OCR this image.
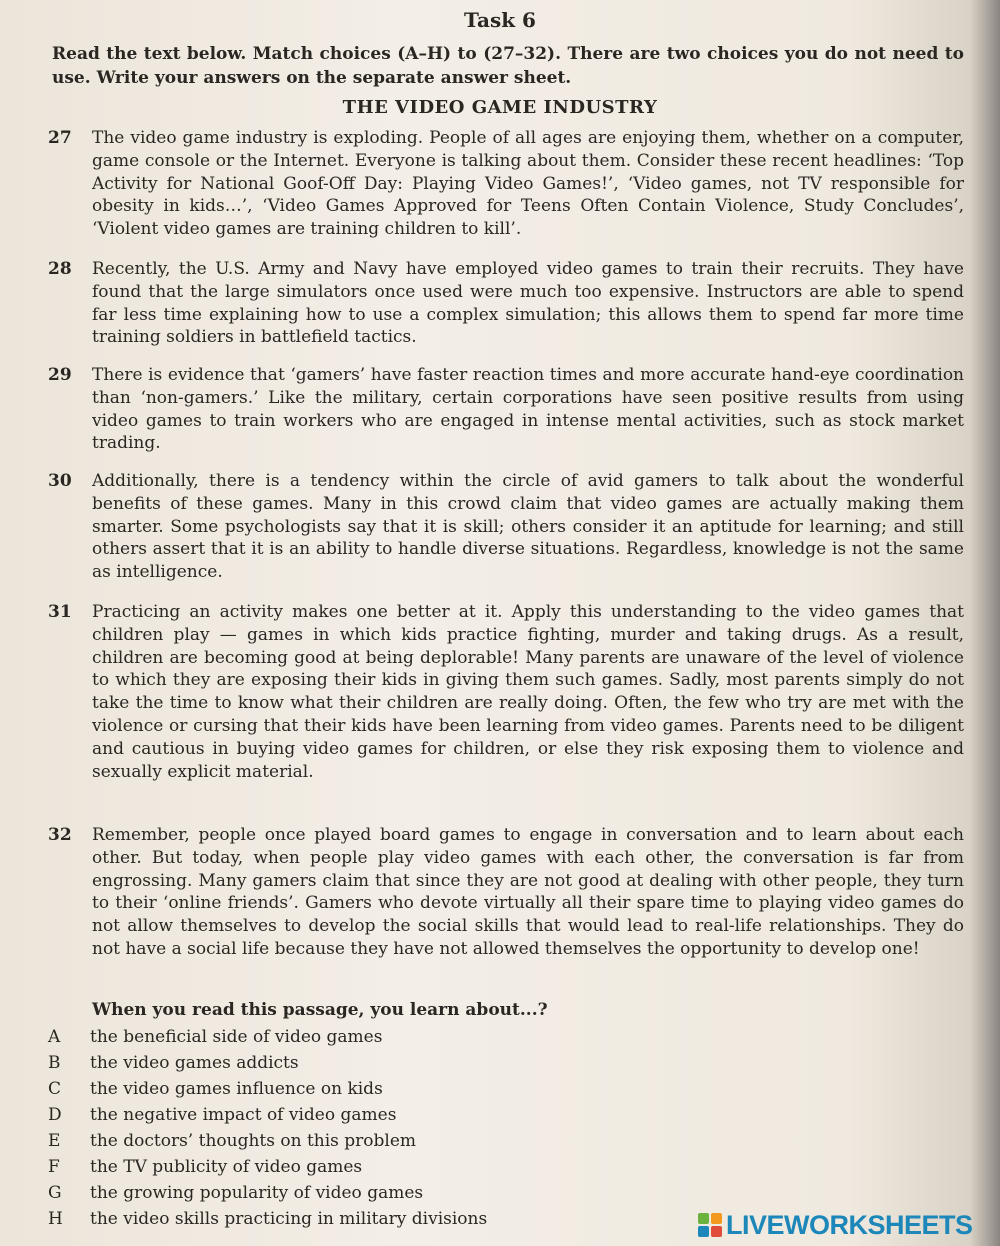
Task 6
Read the text below. Match choices (A–H) to (27–32). There are two choices you do not need to use. Write your answers on the separate answer sheet.
THE VIDEO GAME INDUSTRY
27	The video game industry is exploding. People of all ages are enjoying them, whether on a computer, game console or the Internet. Everyone is talking about them. Consider these recent headlines: ‘Top Activity for National Goof-Off Day: Playing Video Games!’, ‘Video games, not TV responsible for obesity in kids…’, ‘Video Games Approved for Teens Often Contain Violence, Study Concludes’, ‘Violent video games are training children to kill’.
28	Recently, the U.S. Army and Navy have employed video games to train their recruits. They have found that the large simulators once used were much too expensive. Instructors are able to spend far less time explaining how to use a complex simulation; this allows them to spend far more time training soldiers in battlefield tactics.
29	There is evidence that ‘gamers’ have faster reaction times and more accurate hand-eye coordination than ‘non-gamers.’ Like the military, certain corporations have seen positive results from using video games to train workers who are engaged in intense mental activities, such as stock market trading.
30	Additionally, there is a tendency within the circle of avid gamers to talk about the wonderful benefits of these games. Many in this crowd claim that video games are actually making them smarter. Some psychologists say that it is skill; others consider it an aptitude for learning; and still others assert that it is an ability to handle diverse situations. Regardless, knowledge is not the same as intelligence.
31	Practicing an activity makes one better at it. Apply this understanding to the video games that children play — games in which kids practice fighting, murder and taking drugs. As a result, children are becoming good at being deplorable! Many parents are unaware of the level of violence to which they are exposing their kids in giving them such games. Sadly, most parents simply do not take the time to know what their children are really doing. Often, the few who try are met with the violence or cursing that their kids have been learning from video games. Parents need to be diligent and cautious in buying video games for children, or else they risk exposing them to violence and sexually explicit material.
32	Remember, people once played board games to engage in conversation and to learn about each other. But today, when people play video games with each other, the conversation is far from engrossing. Many gamers claim that since they are not good at dealing with other people, they turn to their ‘online friends’. Gamers who devote virtually all their spare time to playing video games do not allow themselves to develop the social skills that would lead to real-life relationships. They do not have a social life because they have not allowed themselves the opportunity to develop one!
When you read this passage, you learn about...?
A	the beneficial side of video games
B	the video games addicts
C	the video games influence on kids
D	the negative impact of video games
E	the doctors’ thoughts on this problem
F	the TV publicity of video games
G	the growing popularity of video games
H	the video skills practicing in military divisions	LIVEWORKSHEETS
